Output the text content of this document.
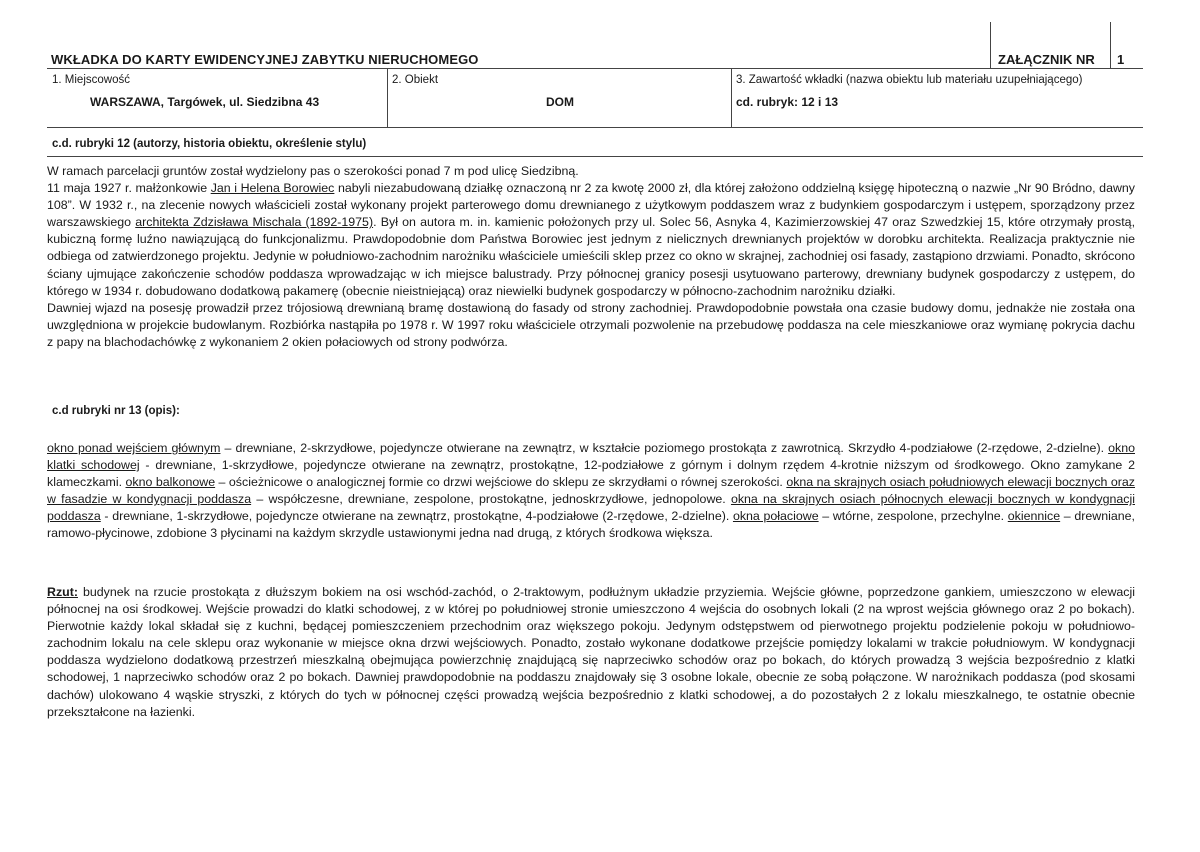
WKŁADKA DO KARTY EWIDENCYJNEJ ZABYTKU NIERUCHOMEGO	ZAŁĄCZNIK NR 1
1. Miejscowość
WARSZAWA, Targówek, ul. Siedzibna 43
2. Obiekt
DOM
3. Zawartość wkładki (nazwa obiektu lub materiału uzupełniającego)
cd. rubryk: 12 i 13
c.d. rubryki 12 (autorzy, historia obiektu, określenie stylu)

W ramach parcelacji gruntów został wydzielony pas o szerokości ponad 7 m pod ulicę Siedzibną.

11 maja 1927 r. małżonkowie Jan i Helena Borowiec nabyli niezabudowaną działkę oznaczoną nr 2 za kwotę 2000 zł, dla której założono oddzielną księgę hipoteczną o nazwie „Nr 90 Bródno, dawny 108”. W 1932 r., na zlecenie nowych właścicieli został wykonany projekt parterowego domu drewnianego z użytkowym poddaszem wraz z budynkiem gospodarczym i ustępem, sporządzony przez warszawskiego architekta Zdzisława Mischala (1892-1975). Był on autora m. in. kamienic położonych przy ul. Solec 56, Asnyka 4, Kazimierzowskiej 47 oraz Szwedzkiej 15, które otrzymały prostą, kubiczną formę luźno nawiązującą do funkcjonalizmu. Prawdopodobnie dom Państwa Borowiec jest jednym z nielicznych drewnianych projektów w dorobku architekta. Realizacja praktycznie nie odbiega od zatwierdzonego projektu. Jedynie w południowo-zachodnim narożniku właściciele umieścili sklep przez co okno w skrajnej, zachodniej osi fasady, zastąpiono drzwiami. Ponadto, skrócono ściany ujmujące zakończenie schodów poddasza wprowadzając w ich miejsce balustrady. Przy północnej granicy posesji usytuowano parterowy, drewniany budynek gospodarczy z ustępem, do którego w 1934 r. dobudowano dodatkową pakamerę (obecnie nieistniejącą) oraz niewielki budynek gospodarczy w północno-zachodnim narożniku działki.

Dawniej wjazd na posesję prowadził przez trójosiową drewnianą bramę dostawioną do fasady od strony zachodniej. Prawdopodobnie powstała ona czasie budowy domu, jednakże nie została ona uwzględniona w projekcie budowlanym. Rozbiórka nastąpiła po 1978 r. W 1997 roku właściciele otrzymali pozwolenie na przebudowę poddasza na cele mieszkaniowe oraz wymianę pokrycia dachu z papy na blachodachówkę z wykonaniem 2 okien połaciowych od strony podwórza.

c.d rubryki nr 13 (opis):

okno ponad wejściem głównym – drewniane, 2-skrzydłowe, pojedyncze otwierane na zewnątrz, w kształcie poziomego prostokąta z zawrotnicą. Skrzydło 4-podziałowe (2-rzędowe, 2-dzielne). okno klatki schodowej - drewniane, 1-skrzydłowe, pojedyncze otwierane na zewnątrz, prostokątne, 12-podziałowe z górnym i dolnym rzędem 4-krotnie niższym od środkowego. Okno zamykane 2 klameczkami. okno balkonowe – ościeżnicowe o analogicznej formie co drzwi wejściowe do sklepu ze skrzydłami o równej szerokości. okna na skrajnych osiach południowych elewacji bocznych oraz w fasadzie w kondygnacji poddasza – współczesne, drewniane, zespolone, prostokątne, jednoskrzydłowe, jednopolowe. okna na skrajnych osiach północnych elewacji bocznych w kondygnacji poddasza - drewniane, 1-skrzydłowe, pojedyncze otwierane na zewnątrz, prostokątne, 4-podziałowe (2-rzędowe, 2-dzielne). okna połaciowe – wtórne, zespolone, przechylne. okiennice – drewniane, ramowo-płycinowe, zdobione 3 płycinami na każdym skrzydle ustawionymi jedna nad drugą, z których środkowa większa.

Rzut: budynek na rzucie prostokąta z dłuższym bokiem na osi wschód-zachód, o 2-traktowym, podłużnym układzie przyziemia. Wejście główne, poprzedzone gankiem, umieszczono w elewacji północnej na osi środkowej. Wejście prowadzi do klatki schodowej, z w której po południowej stronie umieszczono 4 wejścia do osobnych lokali (2 na wprost wejścia głównego oraz 2 po bokach). Pierwotnie każdy lokal składał się z kuchni, będącej pomieszczeniem przechodnim oraz większego pokoju. Jedynym odstępstwem od pierwotnego projektu podzielenie pokoju w południowo-zachodnim lokalu na cele sklepu oraz wykonanie w miejsce okna drzwi wejściowych. Ponadto, zostało wykonane dodatkowe przejście pomiędzy lokalami w trakcie południowym. W kondygnacji poddasza wydzielono dodatkową przestrzeń mieszkalną obejmująca powierzchnię znajdującą się naprzeciwko schodów oraz po bokach, do których prowadzą 3 wejścia bezpośrednio z klatki schodowej, 1 naprzeciwko schodów oraz 2 po bokach. Dawniej prawdopodobnie na poddaszu znajdowały się 3 osobne lokale, obecnie ze sobą połączone. W narożnikach poddasza (pod skosami dachów) ulokowano 4 wąskie stryszki, z których do tych w północnej części prowadzą wejścia bezpośrednio z klatki schodowej, a do pozostałych 2 z lokalu mieszkalnego, te ostatnie obecnie przekształcone na łazienki.
